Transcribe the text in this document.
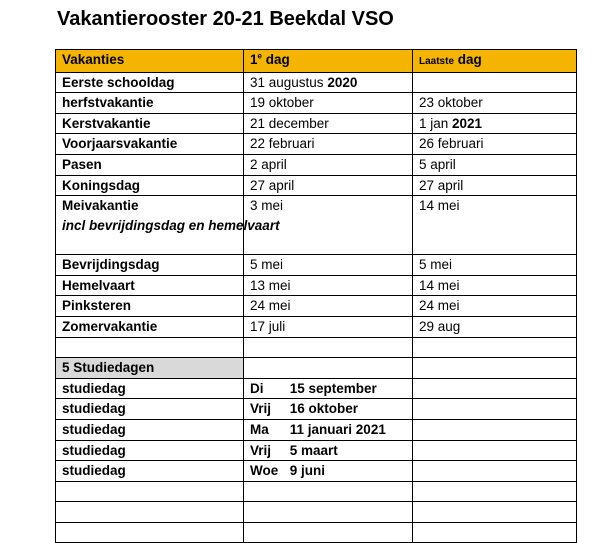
Vakantierooster 20-21 Beekdal VSO
Vakanties	1e dag	Laatste dag
Eerste schooldag	31 augustus 2020	
herfstvakantie	19 oktober	23 oktober
Kerstvakantie	21 december	1 jan 2021
Voorjaarsvakantie	22 februari	26 februari
Pasen	2 april	5 april
Koningsdag	27 april	27 april

Meivakantie
incl bevrijdingsdag en hemelvaart	3 mei	14 mei
Bevrijdingsdag	5 mei	5 mei
Hemelvaart	13 mei	14 mei
Pinksteren	24 mei	24 mei
Zomervakantie	17 juli	29 aug

5 Studiedagen		
studiedag	Di 15 september	
studiedag	Vrij 16 oktober	
studiedag	Ma 11 januari 2021	
studiedag	Vrij 5 maart	
studiedag	Woe 9 juni	
